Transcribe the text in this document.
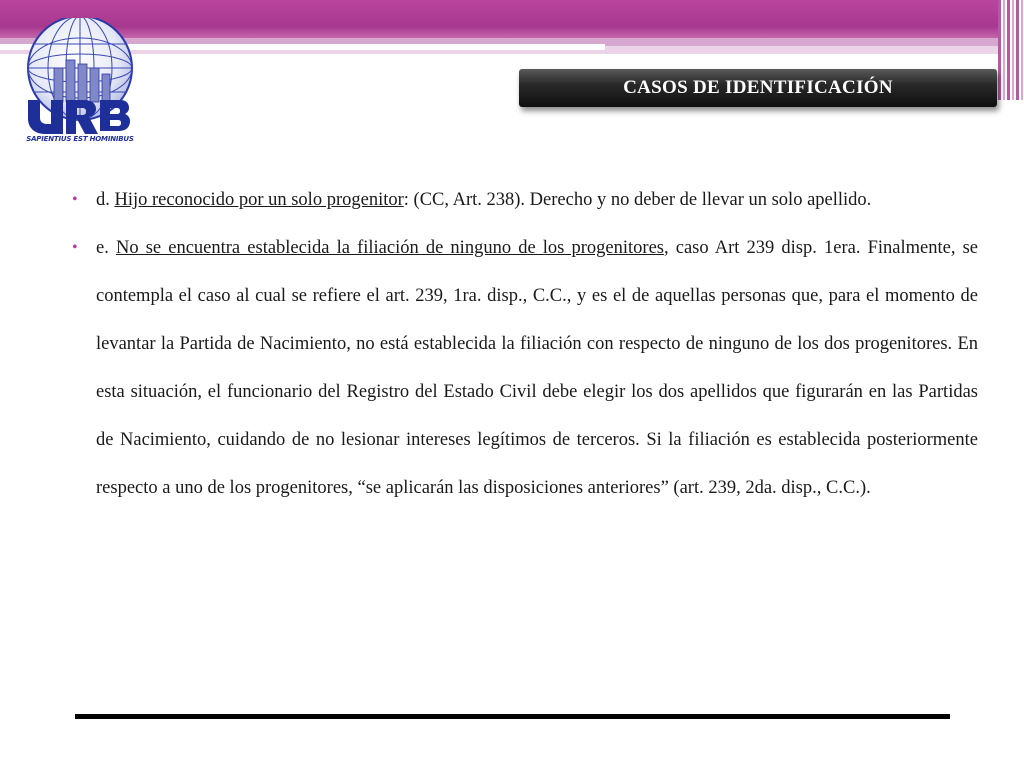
SAPIENTIUS EST HOMINIBUS
CASOS DE IDENTIFICACIÓN

• d. Hijo reconocido por un solo progenitor: (CC, Art. 238). Derecho y no deber de llevar un solo apellido.

• e. No se encuentra establecida la filiación de ninguno de los progenitores, caso Art 239 disp. 1era. Finalmente, se contempla el caso al cual se refiere el art. 239, 1ra. disp., C.C., y es el de aquellas personas que, para el momento de levantar la Partida de Nacimiento, no está establecida la filiación con respecto de ninguno de los dos progenitores. En esta situación, el funcionario del Registro del Estado Civil debe elegir los dos apellidos que figurarán en las Partidas de Nacimiento, cuidando de no lesionar intereses legítimos de terceros. Si la filiación es establecida posteriormente respecto a uno de los progenitores, “se aplicarán las disposiciones anteriores” (art. 239, 2da. disp., C.C.).
